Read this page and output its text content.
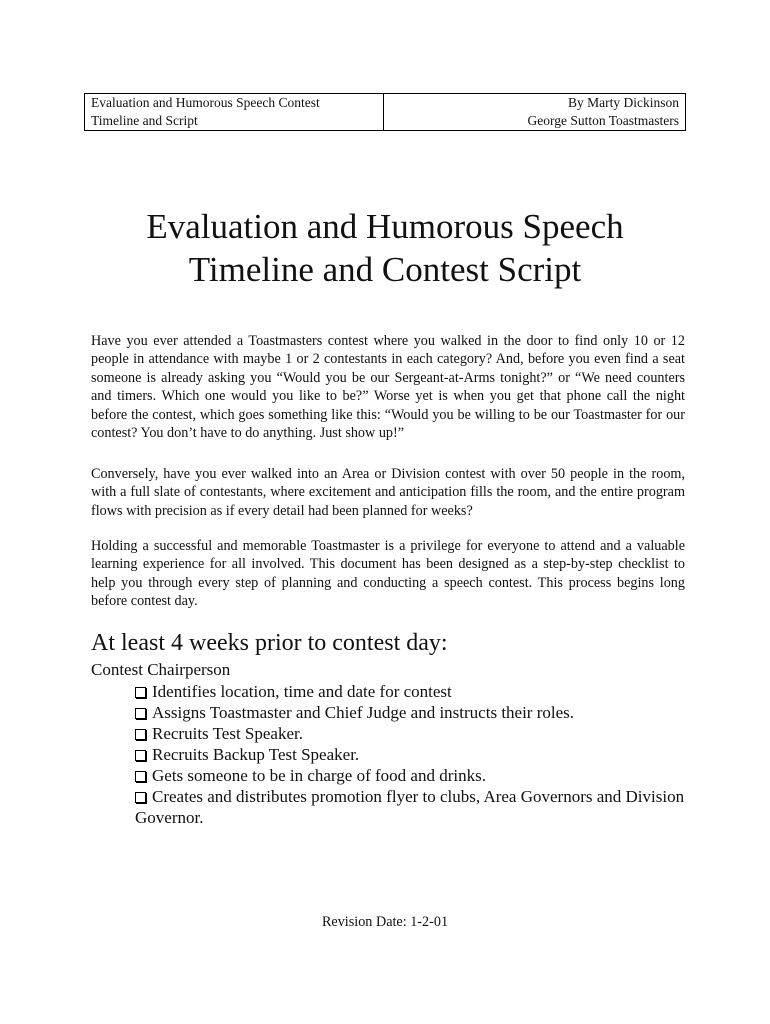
Evaluation and Humorous Speech Contest
Timeline and Script
By Marty Dickinson
George Sutton Toastmasters
Evaluation and Humorous Speech
Timeline and Contest Script

Have you ever attended a Toastmasters contest where you walked in the door to find only 10 or 12 people in attendance with maybe 1 or 2 contestants in each category? And, before you even find a seat someone is already asking you “Would you be our Sergeant-at-Arms tonight?” or “We need counters and timers. Which one would you like to be?” Worse yet is when you get that phone call the night before the contest, which goes something like this: “Would you be willing to be our Toastmaster for our contest? You don’t have to do anything. Just show up!”

Conversely, have you ever walked into an Area or Division contest with over 50 people in the room, with a full slate of contestants, where excitement and anticipation fills the room, and the entire program flows with precision as if every detail had been planned for weeks?

Holding a successful and memorable Toastmaster is a privilege for everyone to attend and a valuable learning experience for all involved. This document has been designed as a step-by-step checklist to help you through every step of planning and conducting a speech contest. This process begins long before contest day.

At least 4 weeks prior to contest day:
Contest Chairperson
Identifies location, time and date for contest
Assigns Toastmaster and Chief Judge and instructs their roles.
Recruits Test Speaker.
Recruits Backup Test Speaker.
Gets someone to be in charge of food and drinks.
Creates and distributes promotion flyer to clubs, Area Governors and Division Governor.
Revision Date: 1-2-01
